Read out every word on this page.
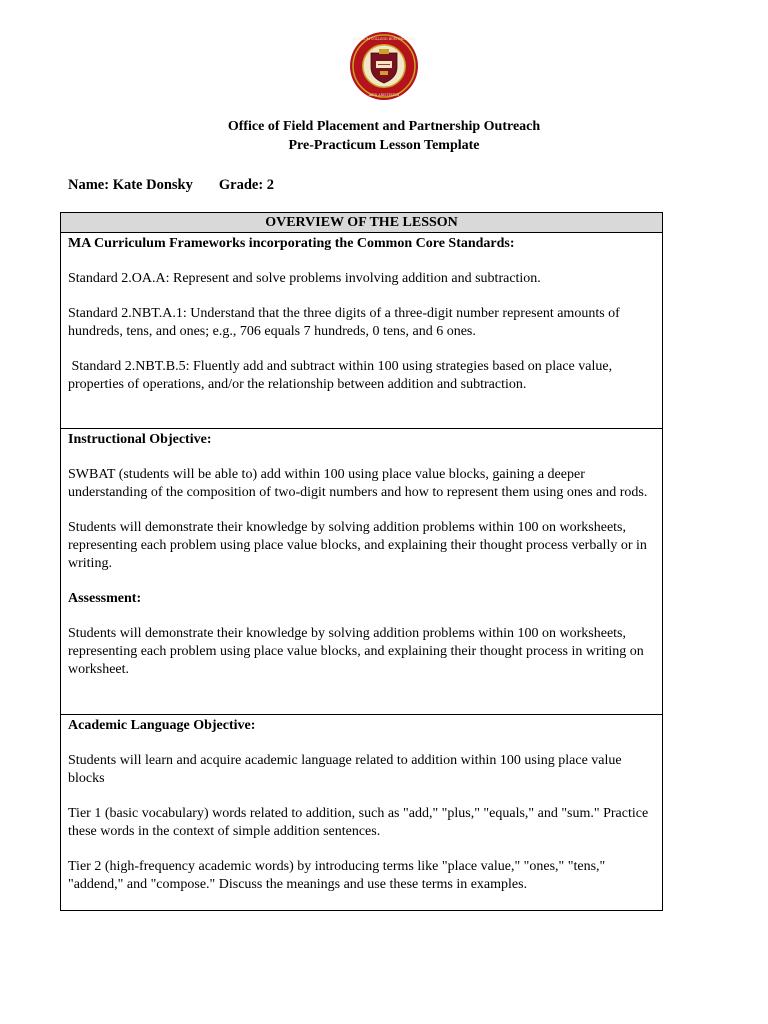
SIGILLUM COLLEGII BOSTONIENSIS
AIEN ARISTEYEIN
Office of Field Placement and Partnership Outreach
Pre-Practicum Lesson Template
Name: Kate Donsky Grade: 2
OVERVIEW OF THE LESSON

MA Curriculum Frameworks incorporating the Common Core Standards:

Standard 2.OA.A: Represent and solve problems involving addition and subtraction.

Standard 2.NBT.A.1: Understand that the three digits of a three-digit number represent amounts of hundreds, tens, and ones; e.g., 706 equals 7 hundreds, 0 tens, and 6 ones.

Standard 2.NBT.B.5: Fluently add and subtract within 100 using strategies based on place value, properties of operations, and/or the relationship between addition and subtraction.

Instructional Objective:

SWBAT (students will be able to) add within 100 using place value blocks, gaining a deeper understanding of the composition of two-digit numbers and how to represent them using ones and rods.

Students will demonstrate their knowledge by solving addition problems within 100 on worksheets, representing each problem using place value blocks, and explaining their thought process verbally or in writing.

Assessment:

Students will demonstrate their knowledge by solving addition problems within 100 on worksheets, representing each problem using place value blocks, and explaining their thought process in writing on worksheet.

Academic Language Objective:

Students will learn and acquire academic language related to addition within 100 using place value blocks

Tier 1 (basic vocabulary) words related to addition, such as "add," "plus," "equals," and "sum." Practice these words in the context of simple addition sentences.

Tier 2 (high-frequency academic words) by introducing terms like "place value," "ones," "tens," "addend," and "compose." Discuss the meanings and use these terms in examples.
